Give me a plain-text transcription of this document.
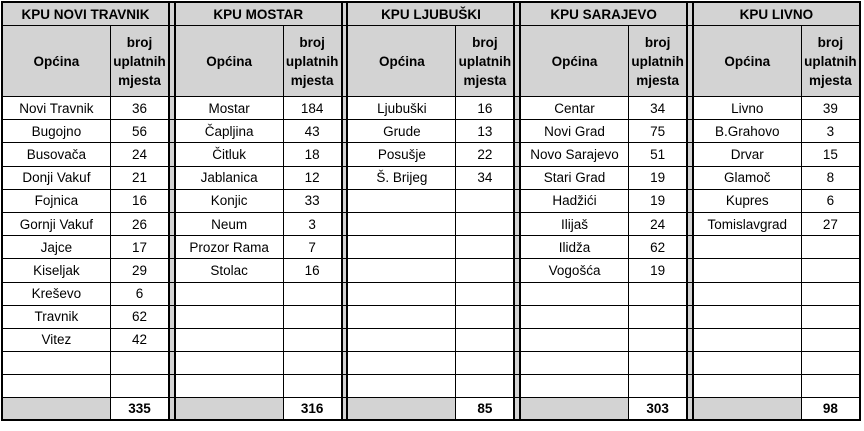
KPU NOVI TRAVNIK			KPU MOSTAR			KPU LJUBUŠKI			KPU SARAJEVO			KPU LIVNO	
Općina	broj uplatnih mjesta		Općina	broj uplatnih mjesta		Općina	broj uplatnih mjesta		Općina	broj uplatnih mjesta		Općina	broj uplatnih mjesta
Novi Travnik	36		Mostar	184		Ljubuški	16		Centar	34		Livno	39
Bugojno	56		Čapljina	43		Grude	13		Novi Grad	75		B.Grahovo	3
Busovača	24		Čitluk	18		Posušje	22		Novo Sarajevo	51		Drvar	15
Donji Vakuf	21		Jablanica	12		Š. Brijeg	34		Stari Grad	19		Glamoč	8
Fojnica	16		Konjic	33					Hadžići	19		Kupres	6
Gornji Vakuf	26		Neum	3					Ilijaš	24		Tomislavgrad	27
Jajce	17		Prozor Rama	7					Ilidža	62			
Kiseljak	29		Stolac	16					Vogošća	19			
Kreševo	6												
Travnik	62												
Vitez	42												

	335			316			85			303			98
